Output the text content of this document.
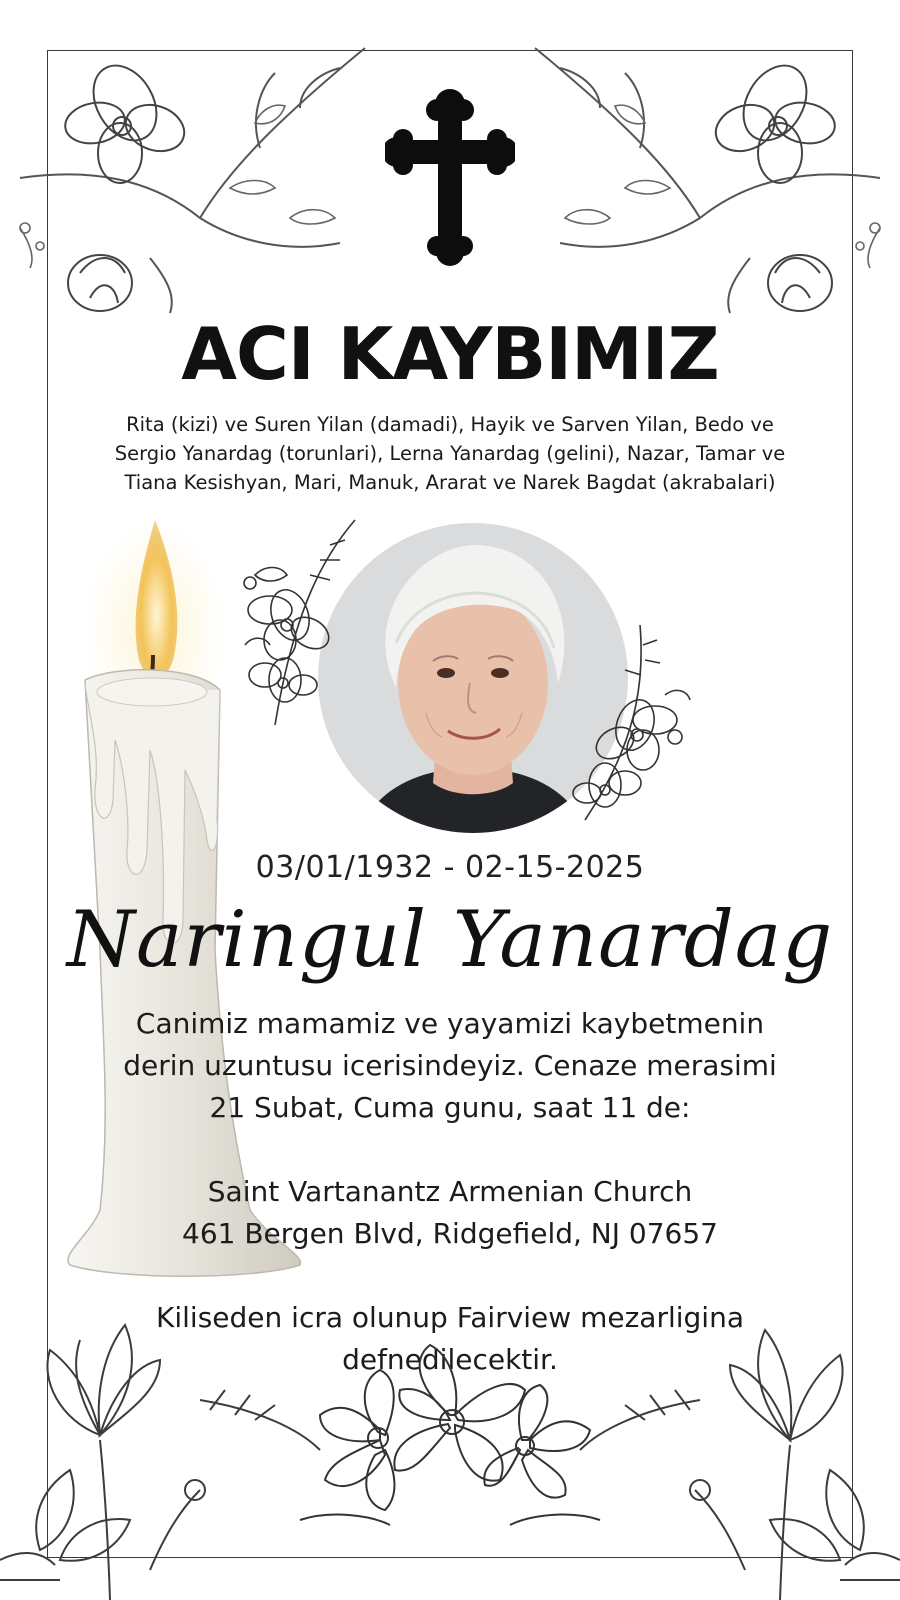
ACI KAYBIMIZ
Rita (kizi) ve Suren Yilan (damadi), Hayik ve Sarven Yilan, Bedo ve
Sergio Yanardag (torunlari), Lerna Yanardag (gelini), Nazar, Tamar ve
Tiana Kesishyan, Mari, Manuk, Ararat ve Narek Bagdat (akrabalari)
03/01/1932 - 02-15-2025
Naringul Yanardag
Canimiz mamamiz ve yayamizi kaybetmenin
derin uzuntusu icerisindeyiz. Cenaze merasimi
21 Subat, Cuma gunu, saat 11 de:
Saint Vartanantz Armenian Church
461 Bergen Blvd, Ridgefield, NJ 07657
Kiliseden icra olunup Fairview mezarligina
defnedilecektir.
